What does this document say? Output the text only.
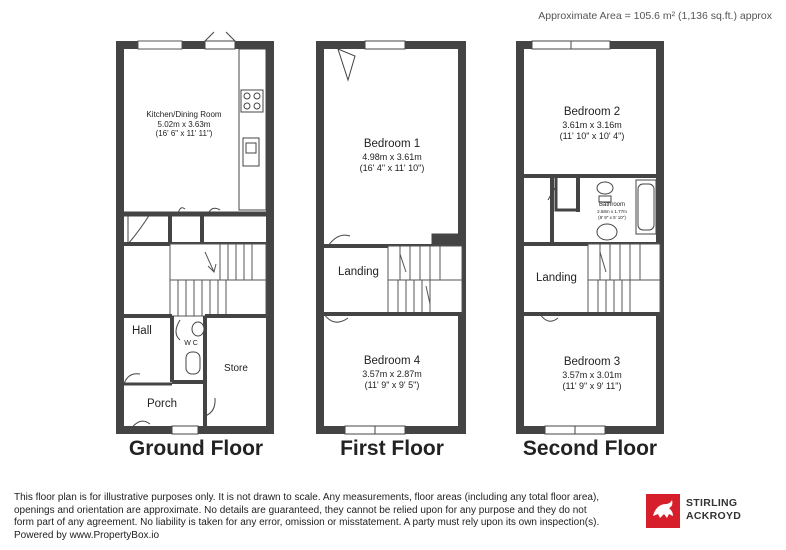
Approximate Area = 105.6 m² (1,136 sq.ft.) approx
Kitchen/Dining Room
5.02m x 3.63m
(16' 6" x 11' 11")
Hall
W C
Store
Porch
Bedroom 1
4.98m x 3.61m
(16' 4" x 11' 10")
Landing
Bedroom 4
3.57m x 2.87m
(11' 9" x 9' 5")
Bedroom 2
3.61m x 3.16m
(11' 10" x 10' 4")
Bathroom
2.68m x 1.77m
(8' 9" x 5' 10")
Landing
Bedroom 3
3.57m x 3.01m
(11' 9" x 9' 11")
Ground Floor	First Floor	Second Floor
This floor plan is for illustrative purposes only. It is not drawn to scale. Any measurements, floor areas (including any total floor area),
openings and orientation are approximate. No details are guaranteed, they cannot be relied upon for any purpose and they do not
form part of any agreement. No liability is taken for any error, omission or misstatement. A party must rely upon its own inspection(s).
Powered by www.PropertyBox.io
STIRLING
ACKROYD
